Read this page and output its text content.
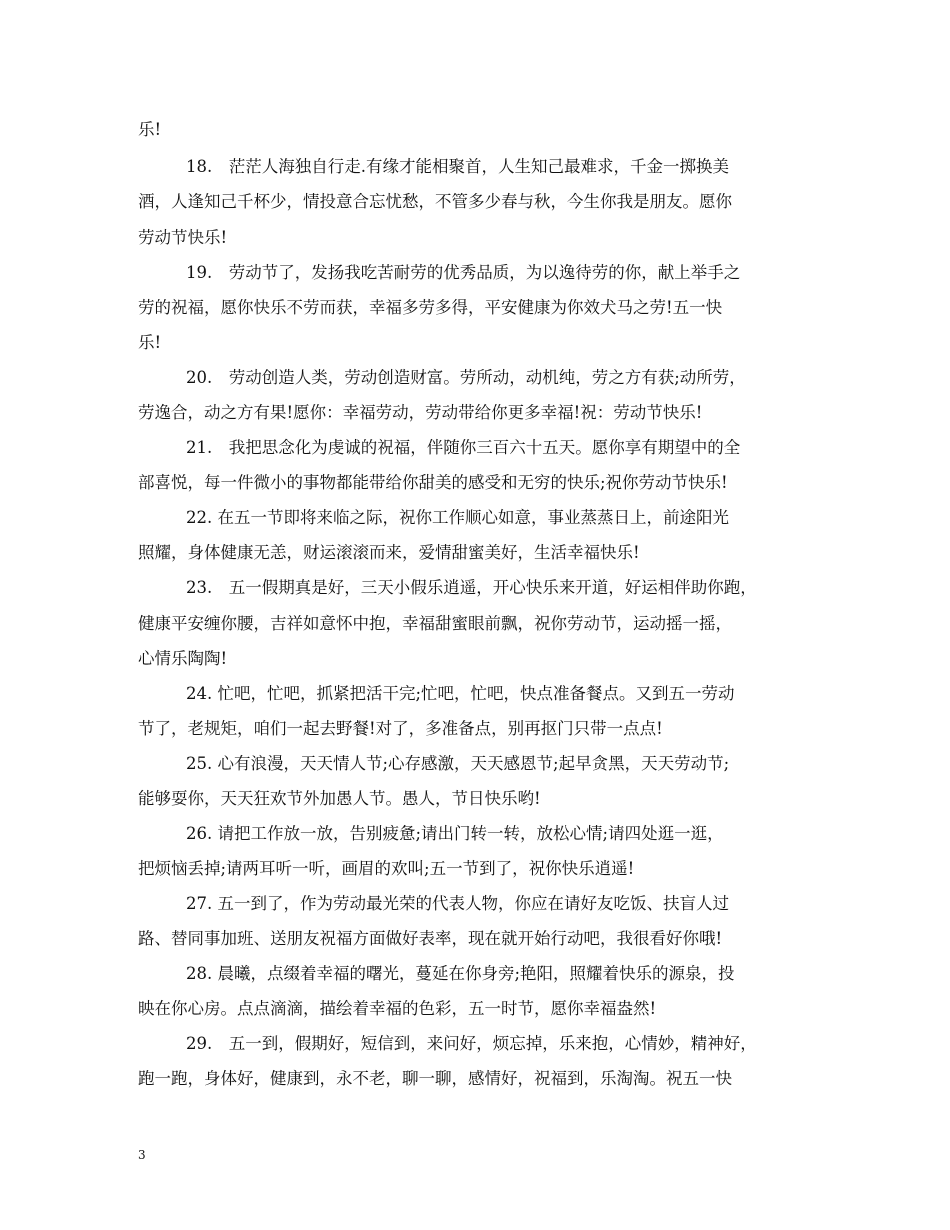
乐!
18.　茫茫人海独自行走.有缘才能相聚首，人生知己最难求，千金一掷换美
酒，人逢知己千杯少，情投意合忘忧愁，不管多少春与秋，今生你我是朋友。愿你
劳动节快乐!
19.　劳动节了，发扬我吃苦耐劳的优秀品质，为以逸待劳的你，献上举手之
劳的祝福，愿你快乐不劳而获，幸福多劳多得，平安健康为你效犬马之劳!五一快
乐!
20.　劳动创造人类，劳动创造财富。劳所动，动机纯，劳之方有获;动所劳，
劳逸合，动之方有果!愿你：幸福劳动，劳动带给你更多幸福!祝：劳动节快乐!
21.　我把思念化为虔诚的祝福，伴随你三百六十五天。愿你享有期望中的全
部喜悦，每一件微小的事物都能带给你甜美的感受和无穷的快乐;祝你劳动节快乐!
22. 在五一节即将来临之际，祝你工作顺心如意，事业蒸蒸日上，前途阳光
照耀，身体健康无恙，财运滚滚而来，爱情甜蜜美好，生活幸福快乐!
23.　五一假期真是好，三天小假乐逍遥，开心快乐来开道，好运相伴助你跑，
健康平安缠你腰，吉祥如意怀中抱，幸福甜蜜眼前飘，祝你劳动节，运动摇一摇，
心情乐陶陶!
24. 忙吧，忙吧，抓紧把活干完;忙吧，忙吧，快点准备餐点。又到五一劳动
节了，老规矩，咱们一起去野餐!对了，多准备点，别再抠门只带一点点!
25. 心有浪漫，天天情人节;心存感激，天天感恩节;起早贪黑，天天劳动节;
能够耍你，天天狂欢节外加愚人节。愚人，节日快乐哟!
26. 请把工作放一放，告别疲惫;请出门转一转，放松心情;请四处逛一逛，
把烦恼丢掉;请两耳听一听，画眉的欢叫;五一节到了，祝你快乐逍遥!
27. 五一到了，作为劳动最光荣的代表人物，你应在请好友吃饭、扶盲人过
路、替同事加班、送朋友祝福方面做好表率，现在就开始行动吧，我很看好你哦!
28. 晨曦，点缀着幸福的曙光，蔓延在你身旁;艳阳，照耀着快乐的源泉，投
映在你心房。点点滴滴，描绘着幸福的色彩，五一时节，愿你幸福盎然!
29.　五一到，假期好，短信到，来问好，烦忘掉，乐来抱，心情妙，精神好，
跑一跑，身体好，健康到，永不老，聊一聊，感情好，祝福到，乐淘淘。祝五一快
3
